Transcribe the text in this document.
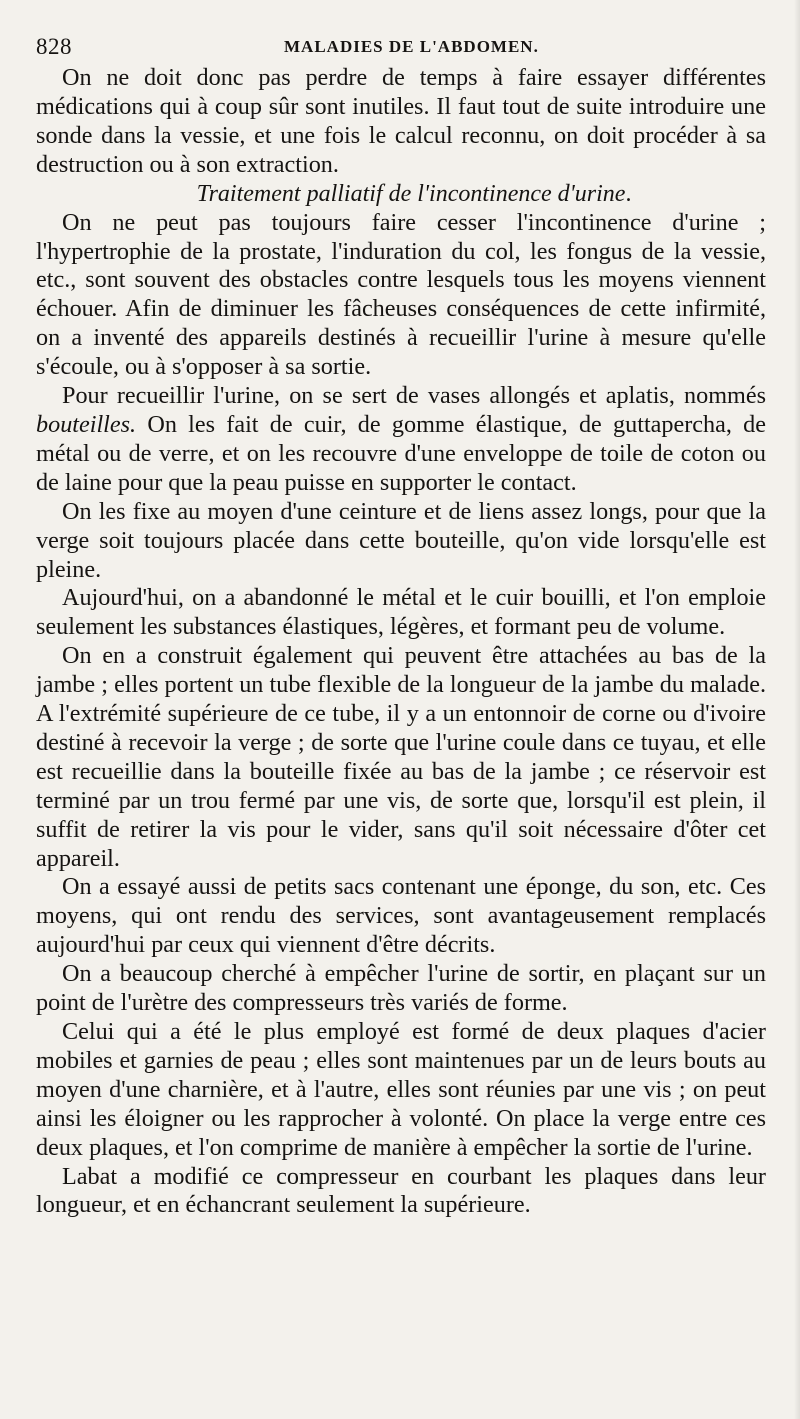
828	MALADIES DE L'ABDOMEN.

On ne doit donc pas perdre de temps à faire essayer différentes médications qui à coup sûr sont inutiles. Il faut tout de suite introduire une sonde dans la vessie, et une fois le calcul reconnu, on doit procéder à sa destruction ou à son extraction.

Traitement palliatif de l'incontinence d'urine.

On ne peut pas toujours faire cesser l'incontinence d'urine ; l'hypertrophie de la prostate, l'induration du col, les fongus de la vessie, etc., sont souvent des obstacles contre lesquels tous les moyens viennent échouer. Afin de diminuer les fâcheuses conséquences de cette infirmité, on a inventé des appareils destinés à recueillir l'urine à mesure qu'elle s'écoule, ou à s'opposer à sa sortie.

Pour recueillir l'urine, on se sert de vases allongés et aplatis, nommés bouteilles. On les fait de cuir, de gomme élastique, de guttapercha, de métal ou de verre, et on les recouvre d'une enveloppe de toile de coton ou de laine pour que la peau puisse en supporter le contact.

On les fixe au moyen d'une ceinture et de liens assez longs, pour que la verge soit toujours placée dans cette bouteille, qu'on vide lorsqu'elle est pleine.

Aujourd'hui, on a abandonné le métal et le cuir bouilli, et l'on emploie seulement les substances élastiques, légères, et formant peu de volume.

On en a construit également qui peuvent être attachées au bas de la jambe ; elles portent un tube flexible de la longueur de la jambe du malade. A l'extrémité supérieure de ce tube, il y a un entonnoir de corne ou d'ivoire destiné à recevoir la verge ; de sorte que l'urine coule dans ce tuyau, et elle est recueillie dans la bouteille fixée au bas de la jambe ; ce réservoir est terminé par un trou fermé par une vis, de sorte que, lorsqu'il est plein, il suffit de retirer la vis pour le vider, sans qu'il soit nécessaire d'ôter cet appareil.

On a essayé aussi de petits sacs contenant une éponge, du son, etc. Ces moyens, qui ont rendu des services, sont avantageusement remplacés aujourd'hui par ceux qui viennent d'être décrits.

On a beaucoup cherché à empêcher l'urine de sortir, en plaçant sur un point de l'urètre des compresseurs très variés de forme.

Celui qui a été le plus employé est formé de deux plaques d'acier mobiles et garnies de peau ; elles sont maintenues par un de leurs bouts au moyen d'une charnière, et à l'autre, elles sont réunies par une vis ; on peut ainsi les éloigner ou les rapprocher à volonté. On place la verge entre ces deux plaques, et l'on comprime de manière à empêcher la sortie de l'urine.

Labat a modifié ce compresseur en courbant les plaques dans leur longueur, et en échancrant seulement la supérieure.
